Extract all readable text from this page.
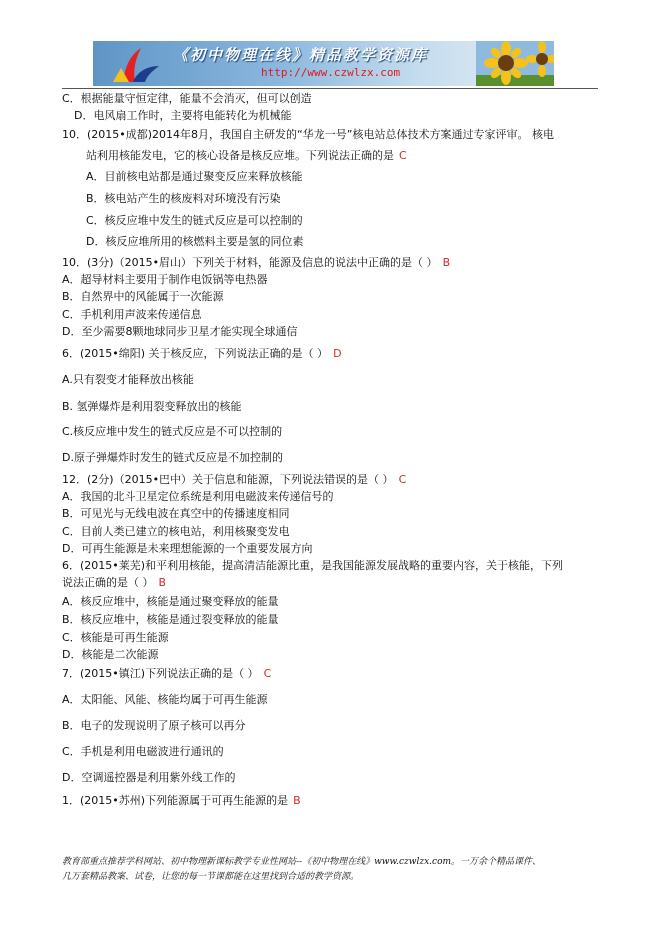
《初中物理在线》精品教学资源库
http://www.czwlzx.com
C．根据能量守恒定律，能量不会消灭，但可以创造
D．电风扇工作时，主要将电能转化为机械能
10．(2015•成都)2014年8月，我国自主研发的“华龙一号”核电站总体技术方案通过专家评审。 核电
站利用核能发电，它的核心设备是核反应堆。下列说法正确的是 C
A．目前核电站都是通过聚变反应来释放核能
B．核电站产生的核废料对环境没有污染
C．核反应堆中发生的链式反应是可以控制的
D．核反应堆所用的核燃料主要是氢的同位素
10．(3分)（2015•眉山）下列关于材料，能源及信息的说法中正确的是（ ） B
A．超导材料主要用于制作电饭锅等电热器
B．自然界中的风能属于一次能源
C．手机利用声波来传递信息
D．至少需要8颗地球同步卫星才能实现全球通信
6．(2015•绵阳) 关于核反应，下列说法正确的是（ ） D
A.只有裂变才能释放出核能
B. 氢弹爆炸是利用裂变释放出的核能
C.核反应堆中发生的链式反应是不可以控制的
D.原子弹爆炸时发生的链式反应是不加控制的
12．(2分)（2015•巴中）关于信息和能源，下列说法错误的是（ ） C
A．我国的北斗卫星定位系统是利用电磁波来传递信号的
B．可见光与无线电波在真空中的传播速度相同
C．目前人类已建立的核电站，利用核聚变发电
D．可再生能源是未来理想能源的一个重要发展方向
6．(2015•莱芜)和平利用核能，提高清洁能源比重，是我国能源发展战略的重要内容，关于核能，下列
说法正确的是（ ） B
A．核反应堆中，核能是通过聚变释放的能量
B．核反应堆中，核能是通过裂变释放的能量
C．核能是可再生能源
D．核能是二次能源
7．(2015•镇江)下列说法正确的是（ ） C
A．太阳能、风能、核能均属于可再生能源
B．电子的发现说明了原子核可以再分
C．手机是利用电磁波进行通讯的
D．空调遥控器是利用紫外线工作的
1．(2015•苏州)下列能源属于可再生能源的是 B

教育部重点推荐学科网站、初中物理新课标教学专业性网站--《初中物理在线》www.czwlzx.com。一万余个精品课件、

几万套精品教案、试卷，让您的每一节课都能在这里找到合适的教学资源。
